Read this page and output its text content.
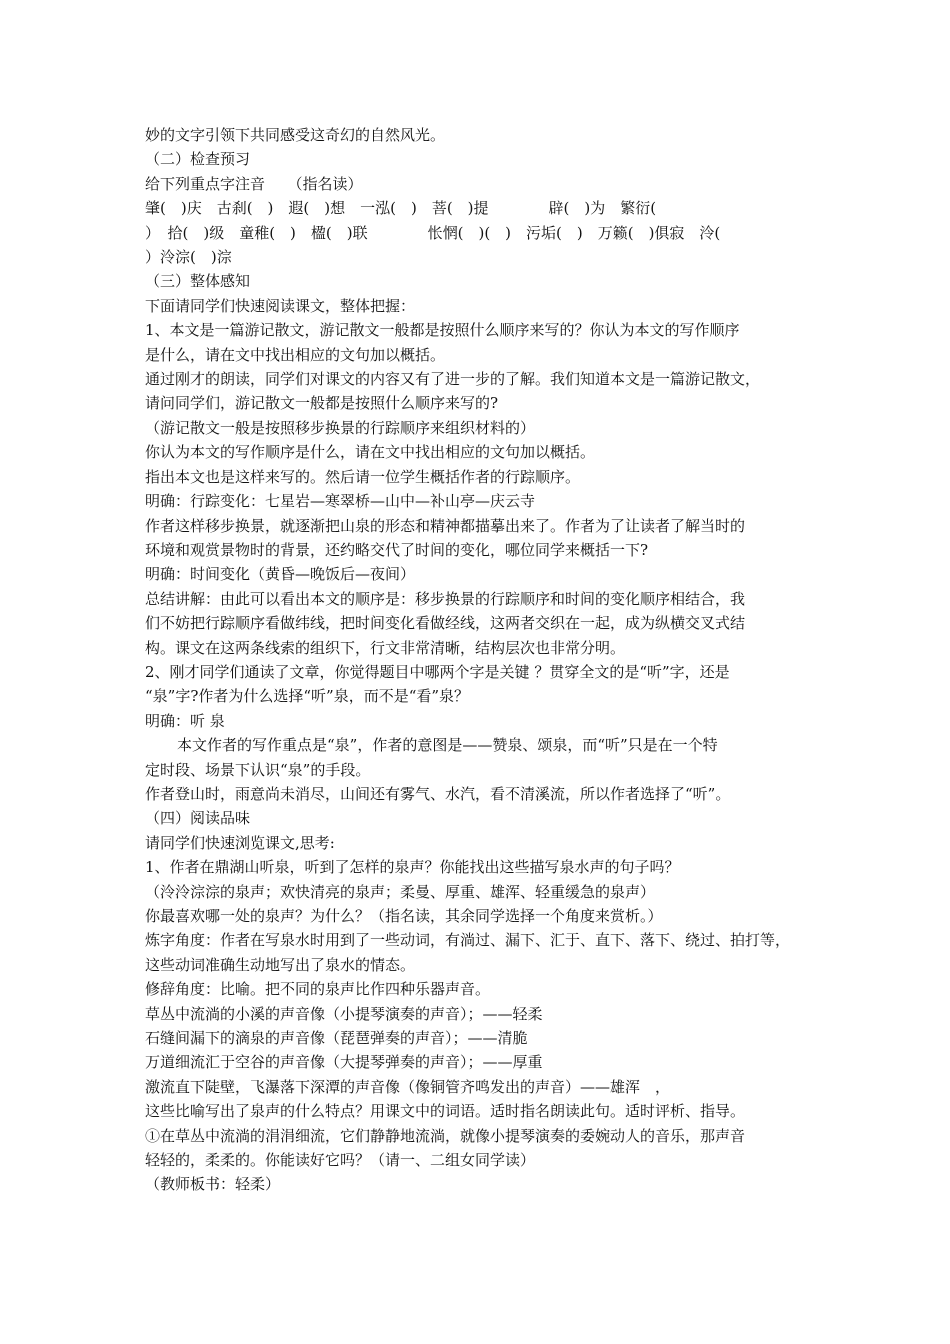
妙的文字引领下共同感受这奇幻的自然风光。

（二）检查预习

给下列重点字注音　　（指名读）

肇(　)庆　古刹(　)　遐(　)想　一泓(　)　菩(　)提　　　　辟(　)为　繁衍(

）　拾(　)级　童稚(　)　楹(　)联　　　　怅惘(　)(　)　污垢(　)　万籁(　)俱寂　泠(

）泠淙(　)淙

（三）整体感知

下面请同学们快速阅读课文，整体把握：

1、本文是一篇游记散文，游记散文一般都是按照什么顺序来写的？你认为本文的写作顺序

是什么，请在文中找出相应的文句加以概括。

通过刚才的朗读，同学们对课文的内容又有了进一步的了解。我们知道本文是一篇游记散文，

请问同学们，游记散文一般都是按照什么顺序来写的?

（游记散文一般是按照移步换景的行踪顺序来组织材料的）

你认为本文的写作顺序是什么，请在文中找出相应的文句加以概括。

指出本文也是这样来写的。然后请一位学生概括作者的行踪顺序。

明确：行踪变化：七星岩—寒翠桥—山中—补山亭—庆云寺

作者这样移步换景，就逐渐把山泉的形态和精神都描摹出来了。作者为了让读者了解当时的

环境和观赏景物时的背景，还约略交代了时间的变化，哪位同学来概括一下?

明确：时间变化（黄昏—晚饭后—夜间）

总结讲解：由此可以看出本文的顺序是：移步换景的行踪顺序和时间的变化顺序相结合，我

们不妨把行踪顺序看做纬线，把时间变化看做经线，这两者交织在一起，成为纵横交叉式结

构。课文在这两条线索的组织下，行文非常清晰，结构层次也非常分明。

2、刚才同学们通读了文章，你觉得题目中哪两个字是关键 ？贯穿全文的是“听”字，还是

“泉”字?作者为什么选择“听”泉，而不是“看”泉？

明确：听 泉

本文作者的写作重点是“泉”，作者的意图是——赞泉、颂泉，而“听”只是在一个特

定时段、场景下认识“泉”的手段。

作者登山时，雨意尚未消尽，山间还有雾气、水汽，看不清溪流，所以作者选择了“听”。

（四）阅读品味

请同学们快速浏览课文,思考:

1、作者在鼎湖山听泉，听到了怎样的泉声？你能找出这些描写泉水声的句子吗？

（泠泠淙淙的泉声；欢快清亮的泉声；柔曼、厚重、雄浑、轻重缓急的泉声）

你最喜欢哪一处的泉声？为什么？（指名读，其余同学选择一个角度来赏析。）

炼字角度：作者在写泉水时用到了一些动词，有淌过、漏下、汇于、直下、落下、绕过、拍打等，

这些动词准确生动地写出了泉水的情态。

修辞角度：比喻。把不同的泉声比作四种乐器声音。

草丛中流淌的小溪的声音像（小提琴演奏的声音）；——轻柔

石缝间漏下的滴泉的声音像（琵琶弹奏的声音）；——清脆

万道细流汇于空谷的声音像（大提琴弹奏的声音）；——厚重

激流直下陡壁，飞瀑落下深潭的声音像（像铜管齐鸣发出的声音）——雄浑　，

这些比喻写出了泉声的什么特点？用课文中的词语。适时指名朗读此句。适时评析、指导。

①在草丛中流淌的涓涓细流，它们静静地流淌，就像小提琴演奏的委婉动人的音乐，那声音

轻轻的，柔柔的。你能读好它吗？（请一、二组女同学读）

（教师板书：轻柔）
